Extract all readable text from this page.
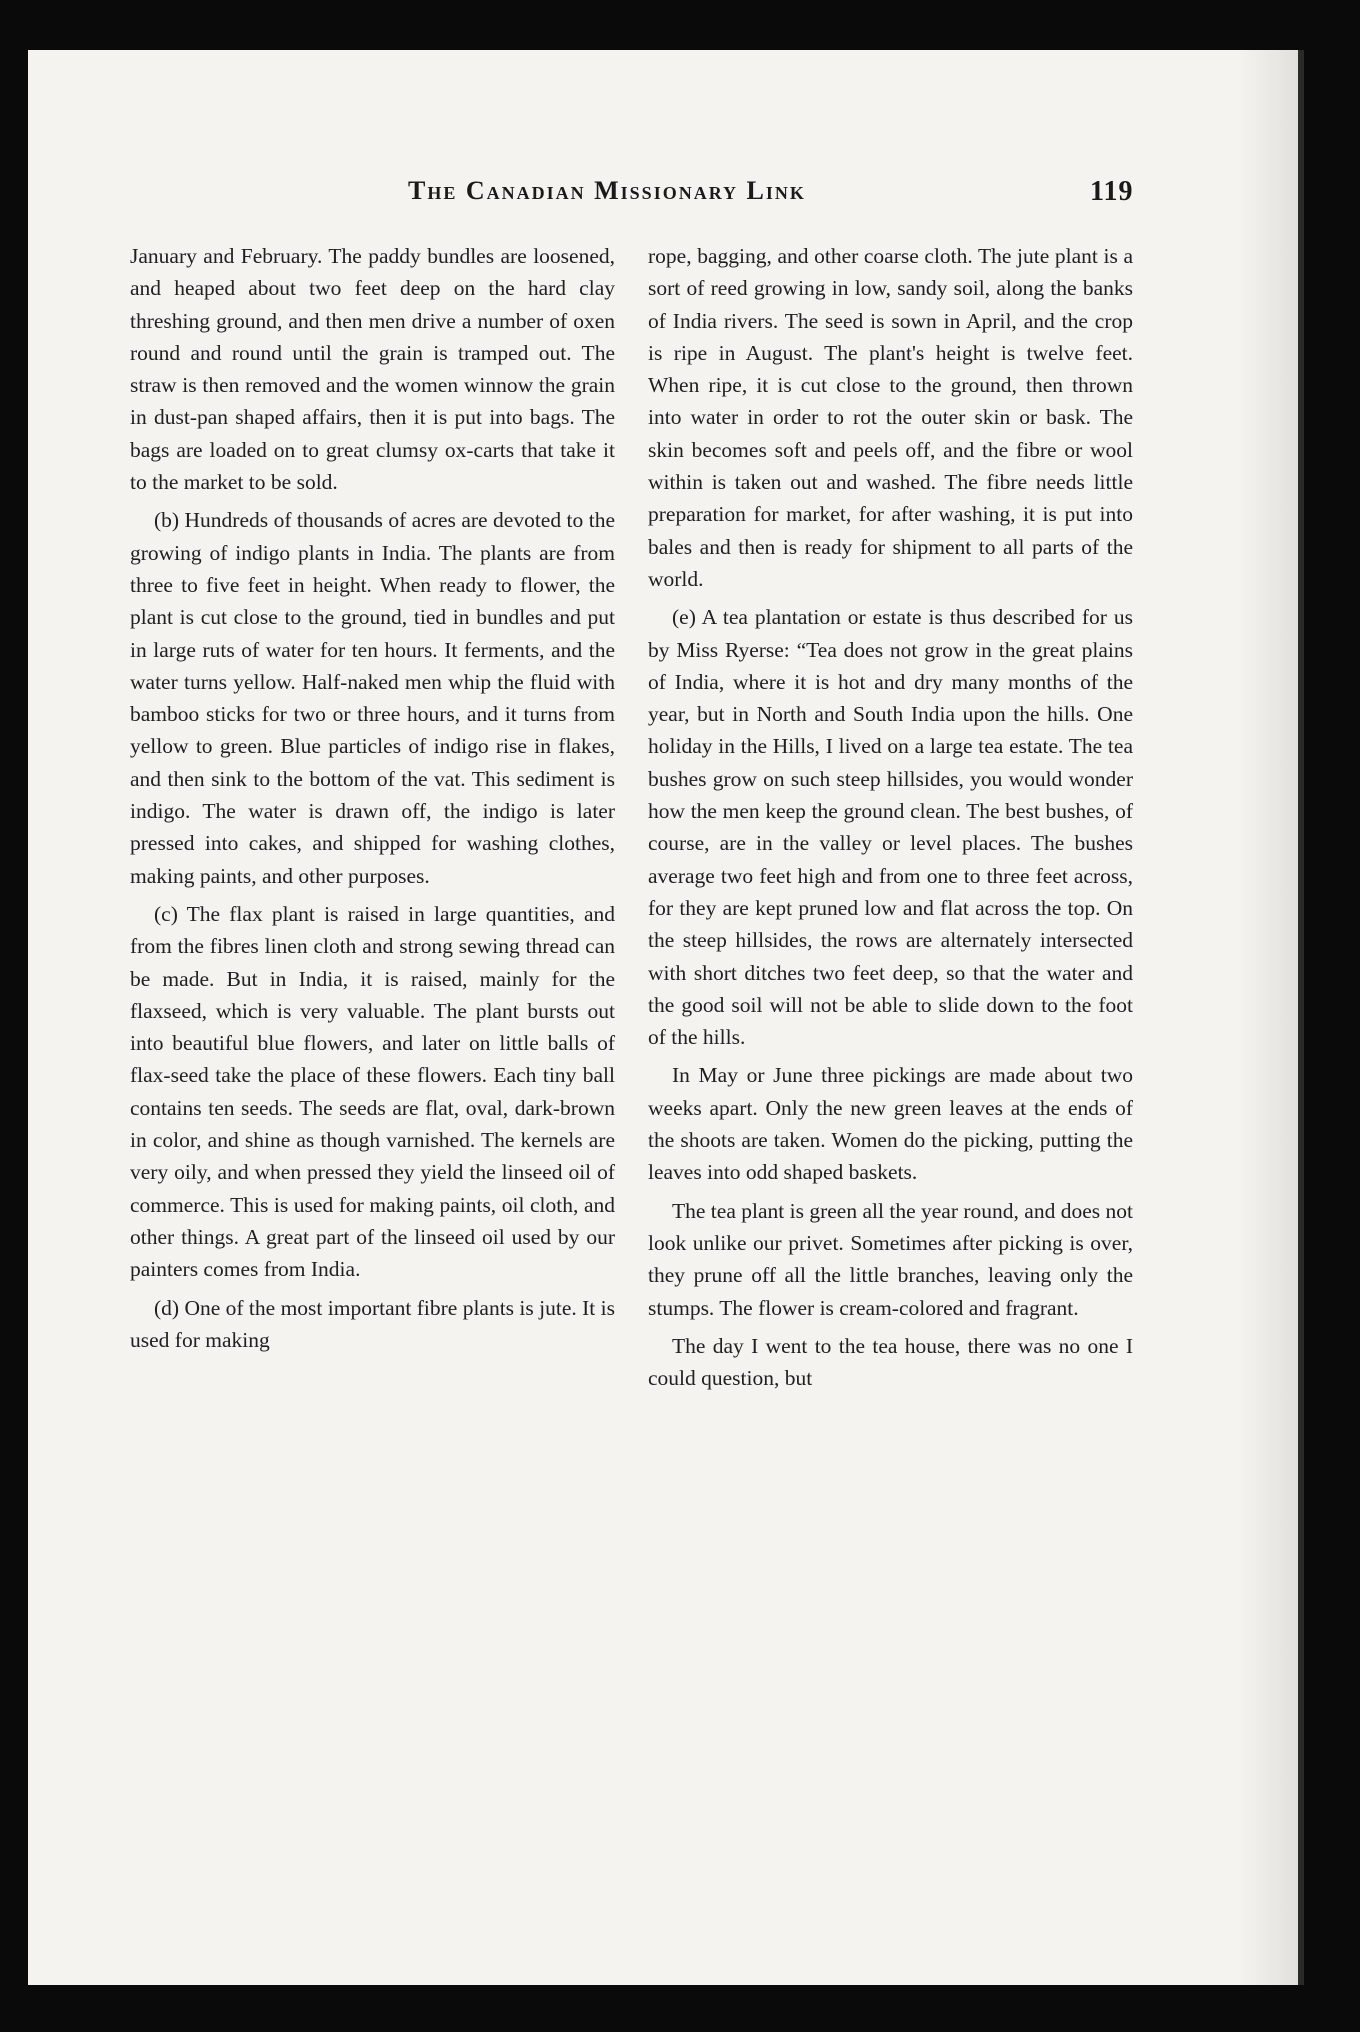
The Canadian Missionary Link	119

January and February. The paddy bundles are loosened, and heaped about two feet deep on the hard clay threshing ground, and then men drive a number of oxen round and round until the grain is tramped out. The straw is then removed and the women winnow the grain in dust-pan shaped affairs, then it is put into bags. The bags are loaded on to great clumsy ox-carts that take it to the market to be sold.

(b) Hundreds of thousands of acres are devoted to the growing of indigo plants in India. The plants are from three to five feet in height. When ready to flower, the plant is cut close to the ground, tied in bundles and put in large ruts of water for ten hours. It ferments, and the water turns yellow. Half-naked men whip the fluid with bamboo sticks for two or three hours, and it turns from yellow to green. Blue particles of indigo rise in flakes, and then sink to the bottom of the vat. This sediment is indigo. The water is drawn off, the indigo is later pressed into cakes, and shipped for washing clothes, making paints, and other purposes.

(c) The flax plant is raised in large quantities, and from the fibres linen cloth and strong sewing thread can be made. But in India, it is raised, mainly for the flaxseed, which is very valuable. The plant bursts out into beautiful blue flowers, and later on little balls of flax-seed take the place of these flowers. Each tiny ball contains ten seeds. The seeds are flat, oval, dark-brown in color, and shine as though varnished. The kernels are very oily, and when pressed they yield the linseed oil of commerce. This is used for making paints, oil cloth, and other things. A great part of the linseed oil used by our painters comes from India.

(d) One of the most important fibre plants is jute. It is used for making

rope, bagging, and other coarse cloth. The jute plant is a sort of reed growing in low, sandy soil, along the banks of India rivers. The seed is sown in April, and the crop is ripe in August. The plant's height is twelve feet. When ripe, it is cut close to the ground, then thrown into water in order to rot the outer skin or bask. The skin becomes soft and peels off, and the fibre or wool within is taken out and washed. The fibre needs little preparation for market, for after washing, it is put into bales and then is ready for shipment to all parts of the world.

(e) A tea plantation or estate is thus described for us by Miss Ryerse: “Tea does not grow in the great plains of India, where it is hot and dry many months of the year, but in North and South India upon the hills. One holiday in the Hills, I lived on a large tea estate. The tea bushes grow on such steep hillsides, you would wonder how the men keep the ground clean. The best bushes, of course, are in the valley or level places. The bushes average two feet high and from one to three feet across, for they are kept pruned low and flat across the top. On the steep hillsides, the rows are alternately intersected with short ditches two feet deep, so that the water and the good soil will not be able to slide down to the foot of the hills.

In May or June three pickings are made about two weeks apart. Only the new green leaves at the ends of the shoots are taken. Women do the picking, putting the leaves into odd shaped baskets.

The tea plant is green all the year round, and does not look unlike our privet. Sometimes after picking is over, they prune off all the little branches, leaving only the stumps. The flower is cream-colored and fragrant.

The day I went to the tea house, there was no one I could question, but
